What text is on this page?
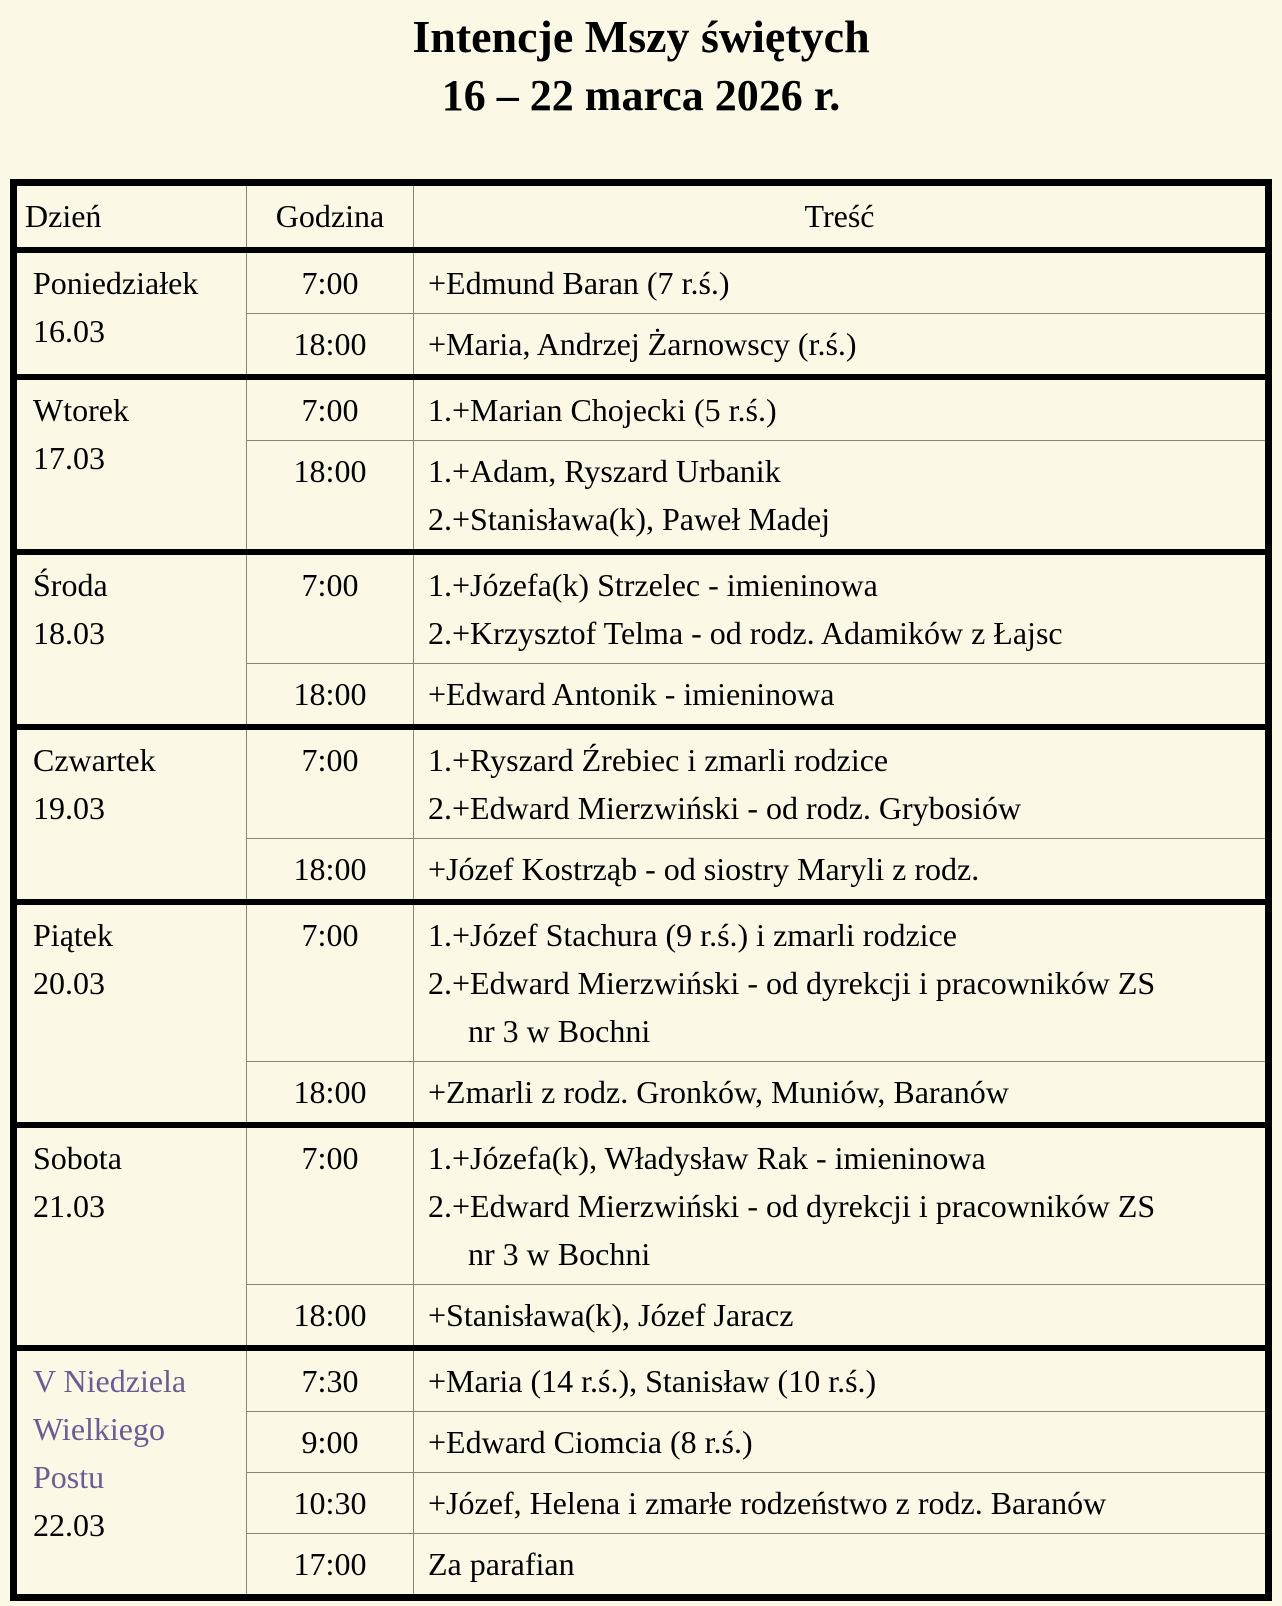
Intencje Mszy świętych
16 – 22 marca 2026 r.
Dzień	Godzina	Treść

Poniedziałek
16.03	7:00	+Edmund Baran (7 r.ś.)

	18:00	+Maria, Andrzej Żarnowscy (r.ś.)

Wtorek
17.03	7:00	1.+Marian Chojecki (5 r.ś.)

	18:00	1.+Adam, Ryszard Urbanik
2.+Stanisława(k), Paweł Madej

Środa
18.03	7:00	1.+Józefa(k) Strzelec - imieninowa
2.+Krzysztof Telma - od rodz. Adamików z Łajsc

	18:00	+Edward Antonik - imieninowa

Czwartek
19.03	7:00	1.+Ryszard Źrebiec i zmarli rodzice
2.+Edward Mierzwiński - od rodz. Grybosiów

	18:00	+Józef Kostrząb - od siostry Maryli z rodz.

Piątek
20.03	7:00	1.+Józef Stachura (9 r.ś.) i zmarli rodzice
2.+Edward Mierzwiński - od dyrekcji i pracowników ZS
nr 3 w Bochni

	18:00	+Zmarli z rodz. Gronków, Muniów, Baranów

Sobota
21.03	7:00	1.+Józefa(k), Władysław Rak - imieninowa
2.+Edward Mierzwiński - od dyrekcji i pracowników ZS
nr 3 w Bochni

	18:00	+Stanisława(k), Józef Jaracz

V Niedziela Wielkiego Postu
22.03	7:30	+Maria (14 r.ś.), Stanisław (10 r.ś.)

	9:00	+Edward Ciomcia (8 r.ś.)

	10:30	+Józef, Helena i zmarłe rodzeństwo z rodz. Baranów

	17:00	Za parafian
